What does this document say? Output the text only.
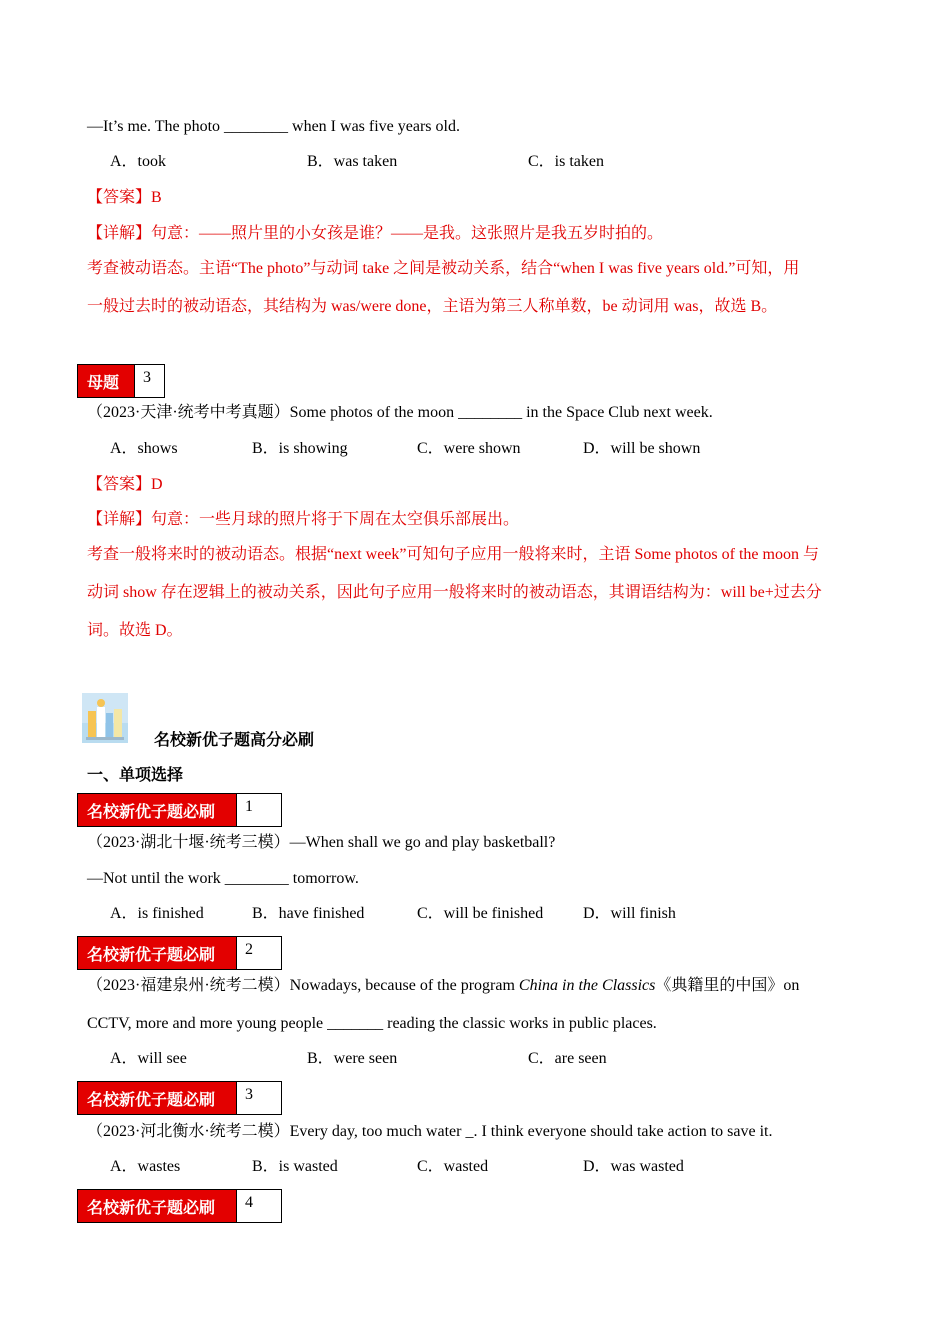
—It’s me. The photo ________ when I was five years old.
A．took	B．was taken	C．is taken
【答案】B
【详解】句意：——照片里的小女孩是谁？——是我。这张照片是我五岁时拍的。
考查被动语态。主语“The photo”与动词 take 之间是被动关系，结合“when I was five years old.”可知，用
一般过去时的被动语态，其结构为 was/were done，主语为第三人称单数，be 动词用 was，故选 B。
母题	3
（2023·天津·统考中考真题）Some photos of the moon ________ in the Space Club next week.
A．shows	B．is showing	C．were shown	D．will be shown
【答案】D
【详解】句意：一些月球的照片将于下周在太空俱乐部展出。
考查一般将来时的被动语态。根据“next week”可知句子应用一般将来时，主语 Some photos of the moon 与
动词 show 存在逻辑上的被动关系，因此句子应用一般将来时的被动语态，其谓语结构为：will be+过去分
词。故选 D。
名校新优子题高分必刷
一、单项选择
名校新优子题必刷	1
（2023·湖北十堰·统考三模）—When shall we go and play basketball?
—Not until the work ________ tomorrow.
A．is finished	B．have finished	C．will be finished D．will finish
名校新优子题必刷	2
（2023·福建泉州·统考二模）Nowadays, because of the program China in the Classics《典籍里的中国》on
CCTV, more and more young people _______ reading the classic works in public places.
A．will see	B．were seen	C．are seen
名校新优子题必刷	3
（2023·河北衡水·统考二模）Every day, too much water _. I think everyone should take action to save it.
A．wastes	B．is wasted	C．wasted	D．was wasted
名校新优子题必刷	4
